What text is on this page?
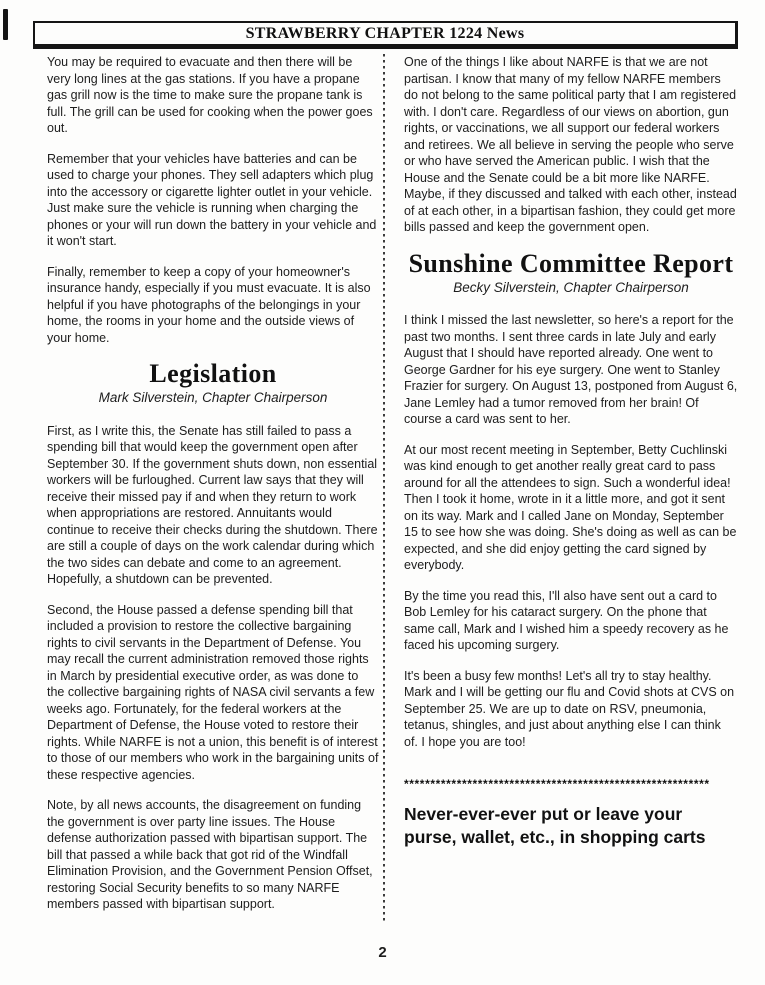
STRAWBERRY CHAPTER 1224 News

You may be required to evacuate and then there will be very long lines at the gas stations. If you have a propane gas grill now is the time to make sure the propane tank is full. The grill can be used for cooking when the power goes out.

Remember that your vehicles have batteries and can be used to charge your phones. They sell adapters which plug into the accessory or cigarette lighter outlet in your vehicle. Just make sure the vehicle is running when charging the phones or your will run down the battery in your vehicle and it won't start.

Finally, remember to keep a copy of your homeowner's insurance handy, especially if you must evacuate. It is also helpful if you have photographs of the belongings in your home, the rooms in your home and the outside views of your home.

Legislation
Mark Silverstein, Chapter Chairperson

First, as I write this, the Senate has still failed to pass a spending bill that would keep the government open after September 30. If the government shuts down, non essential workers will be furloughed. Current law says that they will receive their missed pay if and when they return to work when appropriations are restored. Annuitants would continue to receive their checks during the shutdown. There are still a couple of days on the work calendar during which the two sides can debate and come to an agreement. Hopefully, a shutdown can be prevented.

Second, the House passed a defense spending bill that included a provision to restore the collective bargaining rights to civil servants in the Department of Defense. You may recall the current administration removed those rights in March by presidential executive order, as was done to the collective bargaining rights of NASA civil servants a few weeks ago. Fortunately, for the federal workers at the Department of Defense, the House voted to restore their rights. While NARFE is not a union, this benefit is of interest to those of our members who work in the bargaining units of these respective agencies.

Note, by all news accounts, the disagreement on funding the government is over party line issues. The House defense authorization passed with bipartisan support. The bill that passed a while back that got rid of the Windfall Elimination Provision, and the Government Pension Offset, restoring Social Security benefits to so many NARFE members passed with bipartisan support.

One of the things I like about NARFE is that we are not partisan. I know that many of my fellow NARFE members do not belong to the same political party that I am registered with. I don't care. Regardless of our views on abortion, gun rights, or vaccinations, we all support our federal workers and retirees. We all believe in serving the people who serve or who have served the American public. I wish that the House and the Senate could be a bit more like NARFE. Maybe, if they discussed and talked with each other, instead of at each other, in a bipartisan fashion, they could get more bills passed and keep the government open.

Sunshine Committee Report
Becky Silverstein, Chapter Chairperson

I think I missed the last newsletter, so here's a report for the past two months. I sent three cards in late July and early August that I should have reported already. One went to George Gardner for his eye surgery. One went to Stanley Frazier for surgery. On August 13, postponed from August 6, Jane Lemley had a tumor removed from her brain! Of course a card was sent to her.

At our most recent meeting in September, Betty Cuchlinski was kind enough to get another really great card to pass around for all the attendees to sign. Such a wonderful idea! Then I took it home, wrote in it a little more, and got it sent on its way. Mark and I called Jane on Monday, September 15 to see how she was doing. She's doing as well as can be expected, and she did enjoy getting the card signed by everybody.

By the time you read this, I'll also have sent out a card to Bob Lemley for his cataract surgery. On the phone that same call, Mark and I wished him a speedy recovery as he faced his upcoming surgery.

It's been a busy few months! Let's all try to stay healthy. Mark and I will be getting our flu and Covid shots at CVS on September 25. We are up to date on RSV, pneumonia, tetanus, shingles, and just about anything else I can think of. I hope you are too!

**********************************************************
Never-ever-ever put or leave your purse, wallet, etc., in shopping carts
2
